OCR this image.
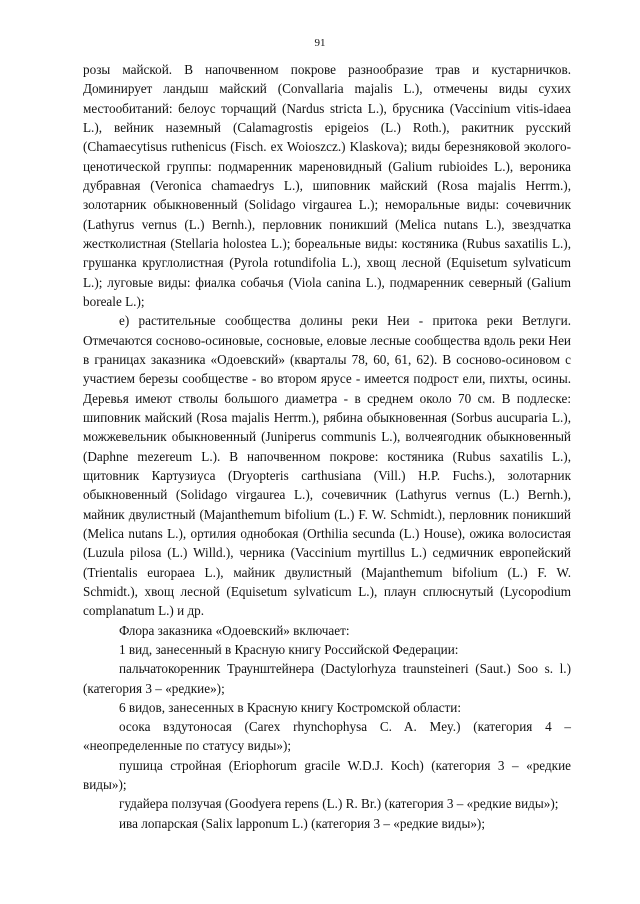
91

розы майской. В напочвенном покрове разнообразие трав и кустарничков. Доминирует ландыш майский (Convallaria majalis L.), отмечены виды сухих местообитаний: белоус торчащий (Nardus stricta L.), брусника (Vaccinium vitis-idaea L.), вейник наземный (Calamagrostis epigeios (L.) Roth.), ракитник русский (Chamaecytisus ruthenicus (Fisch. ex Woioszcz.) Klaskova); виды березняковой эколого-ценотической группы: подмаренник мареновидный (Galium rubioides L.), вероника дубравная (Veronica chamaedrys L.), шиповник майский (Rosa majalis Herrm.), золотарник обыкновенный (Solidago virgaurea L.); неморальные виды: сочевичник (Lathyrus vernus (L.) Bernh.), перловник поникший (Melica nutans L.), звездчатка жестколистная (Stellaria holostea L.); бореальные виды: костяника (Rubus saxatilis L.), грушанка круглолистная (Pyrola rotundifolia L.), хвощ лесной (Equisetum sylvaticum L.); луговые виды: фиалка собачья (Viola canina L.), подмаренник северный (Galium boreale L.);

е) растительные сообщества долины реки Неи - притока реки Ветлуги. Отмечаются сосново-осиновые, сосновые, еловые лесные сообщества вдоль реки Неи в границах заказника «Одоевский» (кварталы 78, 60, 61, 62). В сосново-осиновом с участием березы сообществе - во втором ярусе - имеется подрост ели, пихты, осины. Деревья имеют стволы большого диаметра - в среднем около 70 см. В подлеске: шиповник майский (Rosa majalis Herrm.), рябина обыкновенная (Sorbus aucuparia L.), можжевельник обыкновенный (Juniperus communis L.), волчеягодник обыкновенный (Daphne mezereum L.). В напочвенном покрове: костяника (Rubus saxatilis L.), щитовник Картузиуса (Dryopteris carthusiana (Vill.) H.P. Fuchs.), золотарник обыкновенный (Solidago virgaurea L.), сочевичник (Lathyrus vernus (L.) Bernh.), майник двулистный (Majanthemum bifolium (L.) F. W. Schmidt.), перловник поникший (Melica nutans L.), ортилия однобокая (Orthilia secunda (L.) House), ожика волосистая (Luzula pilosa (L.) Willd.), черника (Vaccinium myrtillus L.) седмичник европейский (Trientalis europaea L.), майник двулистный (Majanthemum bifolium (L.) F. W. Schmidt.), хвощ лесной (Equisetum sylvaticum L.), плаун сплюснутый (Lycopodium complanatum L.) и др.

Флора заказника «Одоевский» включает:

1 вид, занесенный в Красную книгу Российской Федерации:

пальчатокоренник Траунштейнера (Dactylorhyza traunsteineri (Saut.) Soo s. l.) (категория 3 – «редкие»);

6 видов, занесенных в Красную книгу Костромской области:

осока вздутоносая (Carex rhynchophysa C. A. Mey.) (категория 4 – «неопределенные по статусу виды»);

пушица стройная (Eriophorum gracile W.D.J. Koch) (категория 3 – «редкие виды»);

гудайера ползучая (Goodyera repens (L.) R. Br.) (категория 3 – «редкие виды»);

ива лопарская (Salix lapponum L.) (категория 3 – «редкие виды»);
